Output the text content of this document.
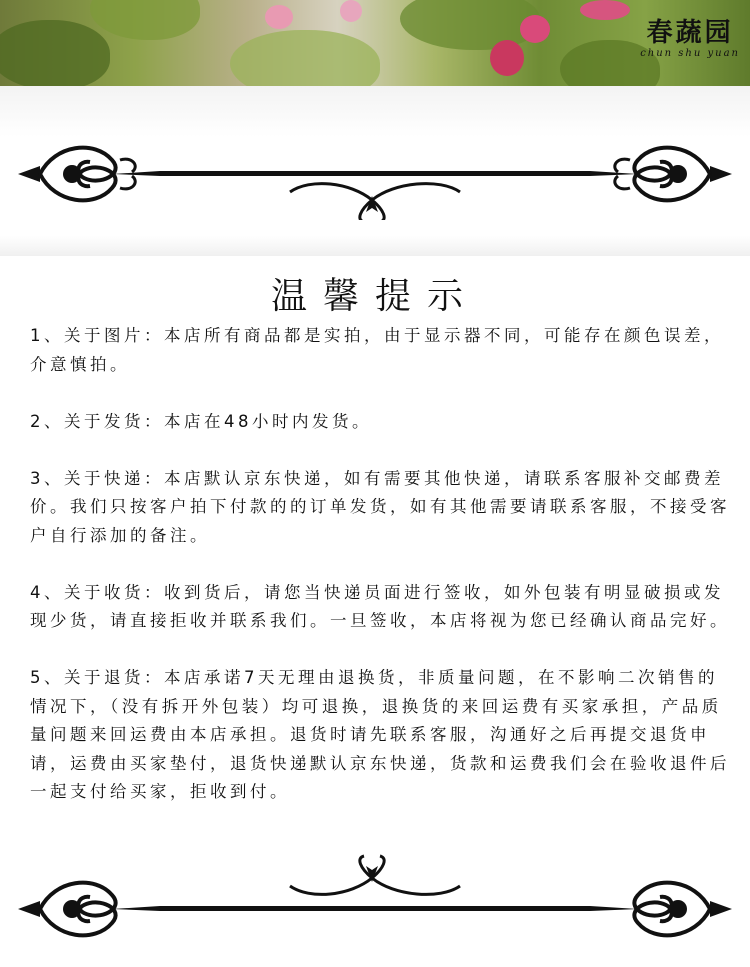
春蔬园
chun shu yuan
温馨提示

1、关于图片：本店所有商品都是实拍，由于显示器不同，可能存在颜色误差，介意慎拍。

2、关于发货：本店在48小时内发货。

3、关于快递：本店默认京东快递，如有需要其他快递，请联系客服补交邮费差价。我们只按客户拍下付款的的订单发货，如有其他需要请联系客服，不接受客户自行添加的备注。

4、关于收货：收到货后，请您当快递员面进行签收，如外包装有明显破损或发现少货，请直接拒收并联系我们。一旦签收，本店将视为您已经确认商品完好。

5、关于退货：本店承诺7天无理由退换货，非质量问题，在不影响二次销售的情况下，（没有拆开外包装）均可退换，退换货的来回运费有买家承担，产品质量问题来回运费由本店承担。退货时请先联系客服，沟通好之后再提交退货申请，运费由买家垫付，退货快递默认京东快递，货款和运费我们会在验收退件后一起支付给买家，拒收到付。
